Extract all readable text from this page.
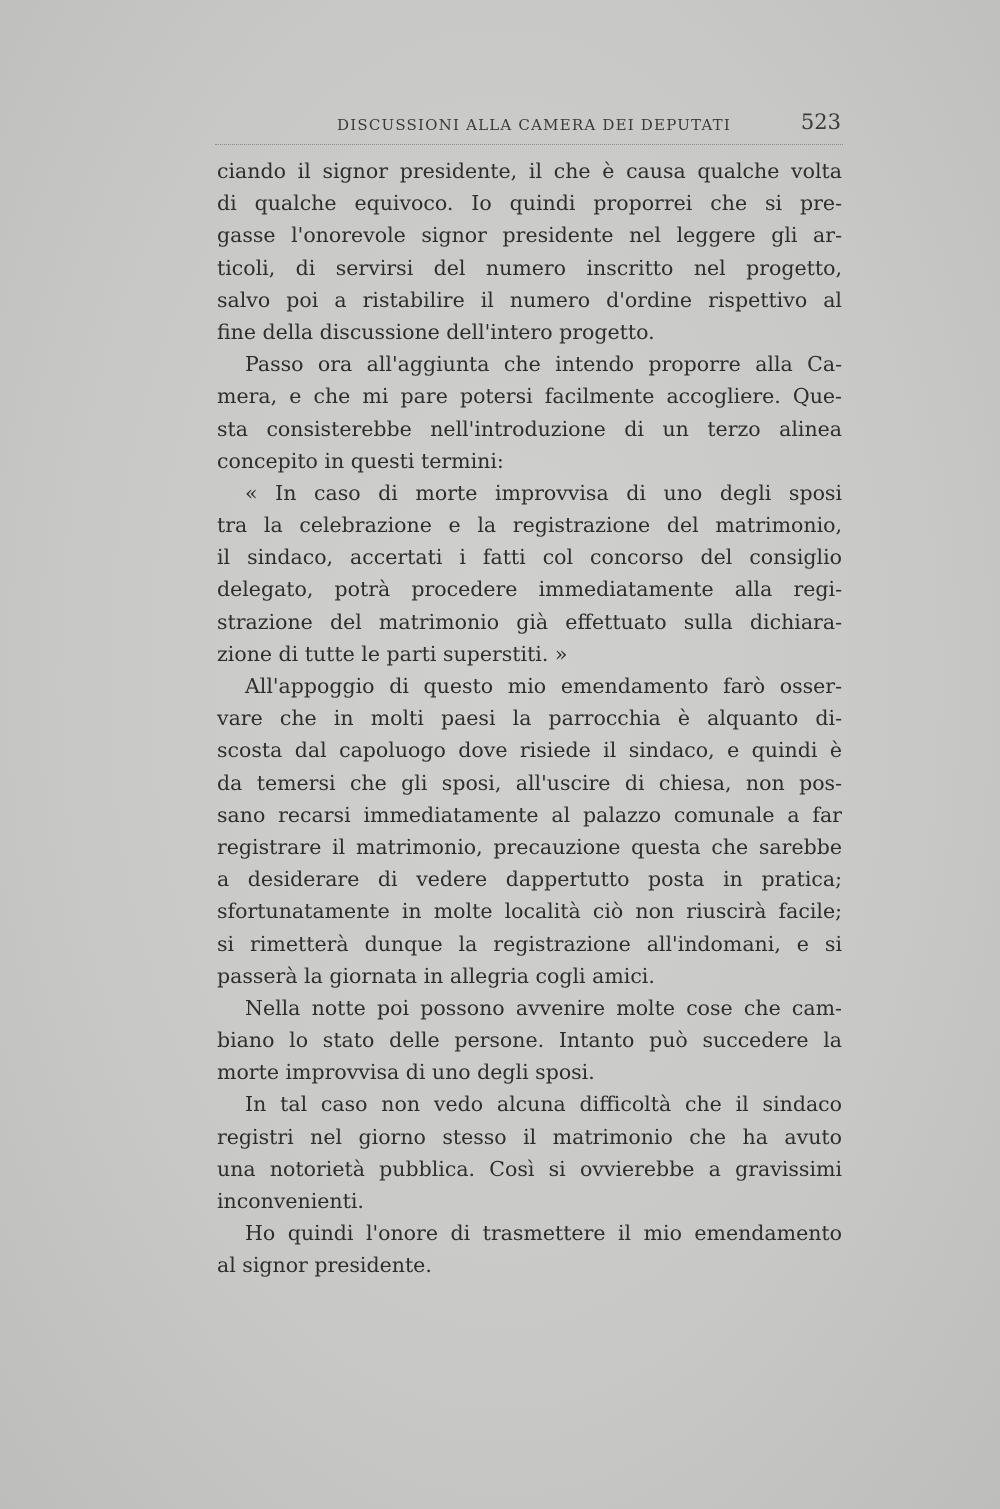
DISCUSSIONI ALLA CAMERA DEI DEPUTATI	523
ciando il signor presidente, il che è causa qualche volta
di qualche equivoco. Io quindi proporrei che si pre-
gasse l'onorevole signor presidente nel leggere gli ar-
ticoli, di servirsi del numero inscritto nel progetto,
salvo poi a ristabilire il numero d'ordine rispettivo al
fine della discussione dell'intero progetto.
Passo ora all'aggiunta che intendo proporre alla Ca-
mera, e che mi pare potersi facilmente accogliere. Que-
sta consisterebbe nell'introduzione di un terzo alinea
concepito in questi termini:
« In caso di morte improvvisa di uno degli sposi
tra la celebrazione e la registrazione del matrimonio,
il sindaco, accertati i fatti col concorso del consiglio
delegato, potrà procedere immediatamente alla regi-
strazione del matrimonio già effettuato sulla dichiara-
zione di tutte le parti superstiti. »
All'appoggio di questo mio emendamento farò osser-
vare che in molti paesi la parrocchia è alquanto di-
scosta dal capoluogo dove risiede il sindaco, e quindi è
da temersi che gli sposi, all'uscire di chiesa, non pos-
sano recarsi immediatamente al palazzo comunale a far
registrare il matrimonio, precauzione questa che sarebbe
a desiderare di vedere dappertutto posta in pratica;
sfortunatamente in molte località ciò non riuscirà facile;
si rimetterà dunque la registrazione all'indomani, e si
passerà la giornata in allegria cogli amici.
Nella notte poi possono avvenire molte cose che cam-
biano lo stato delle persone. Intanto può succedere la
morte improvvisa di uno degli sposi.
In tal caso non vedo alcuna difficoltà che il sindaco
registri nel giorno stesso il matrimonio che ha avuto
una notorietà pubblica. Così si ovvierebbe a gravissimi
inconvenienti.
Ho quindi l'onore di trasmettere il mio emendamento
al signor presidente.
